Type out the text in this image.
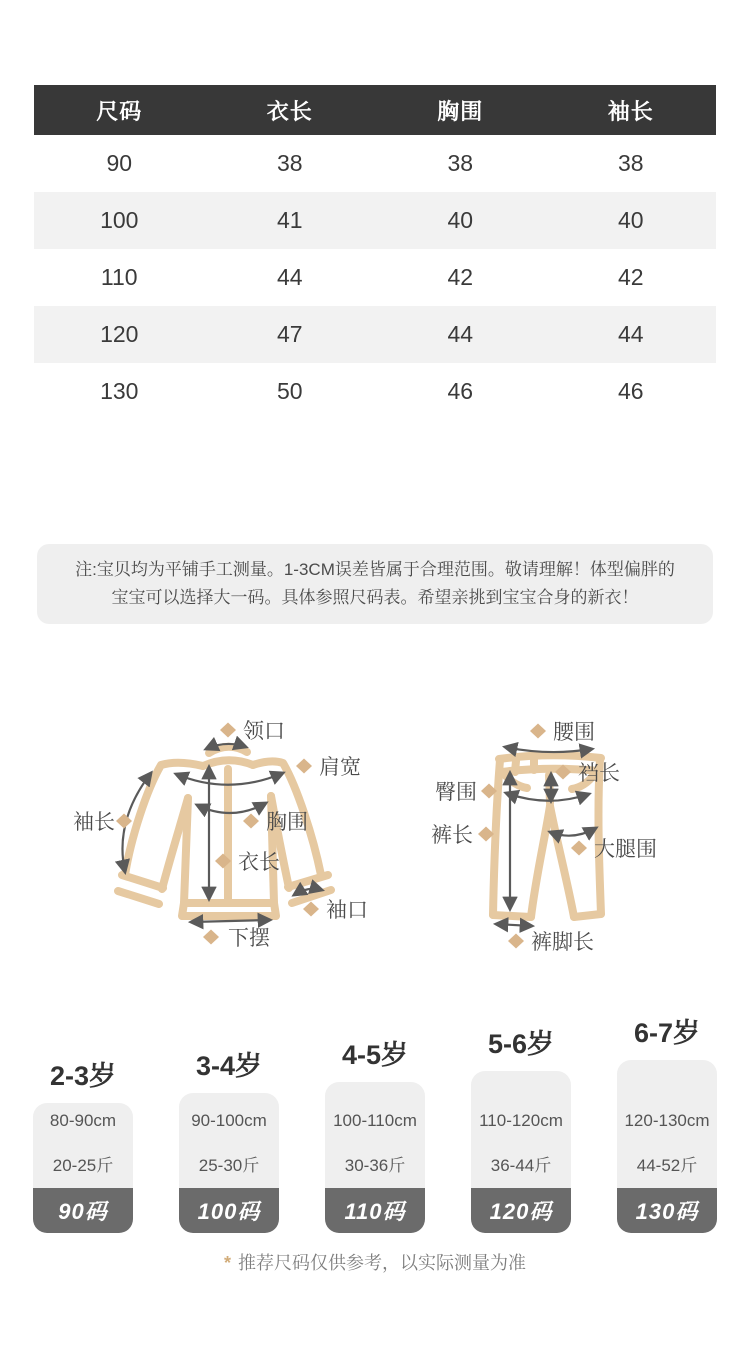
尺码	衣长	胸围	袖长
90	38	38	38
100	41	40	40
110	44	42	42
120	47	44	44
130	50	46	46

注:宝贝均为平铺手工测量。1-3CM误差皆属于合理范围。敬请理解！体型偏胖的宝宝可以选择大一码。具体参照尺码表。希望亲挑到宝宝合身的新衣！

领口
肩宽
袖长	胸围
衣长
袖口
下摆
腰围
裆长
臀围
裤长
大腿围
裤脚长
2-3岁
80-90cm
20-25斤
90码
3-4岁
90-100cm
25-30斤
100码
4-5岁
100-110cm
30-36斤
110码
5-6岁
110-120cm
36-44斤
120码
6-7岁
120-130cm
44-52斤
130码

* 推荐尺码仅供参考，以实际测量为准
